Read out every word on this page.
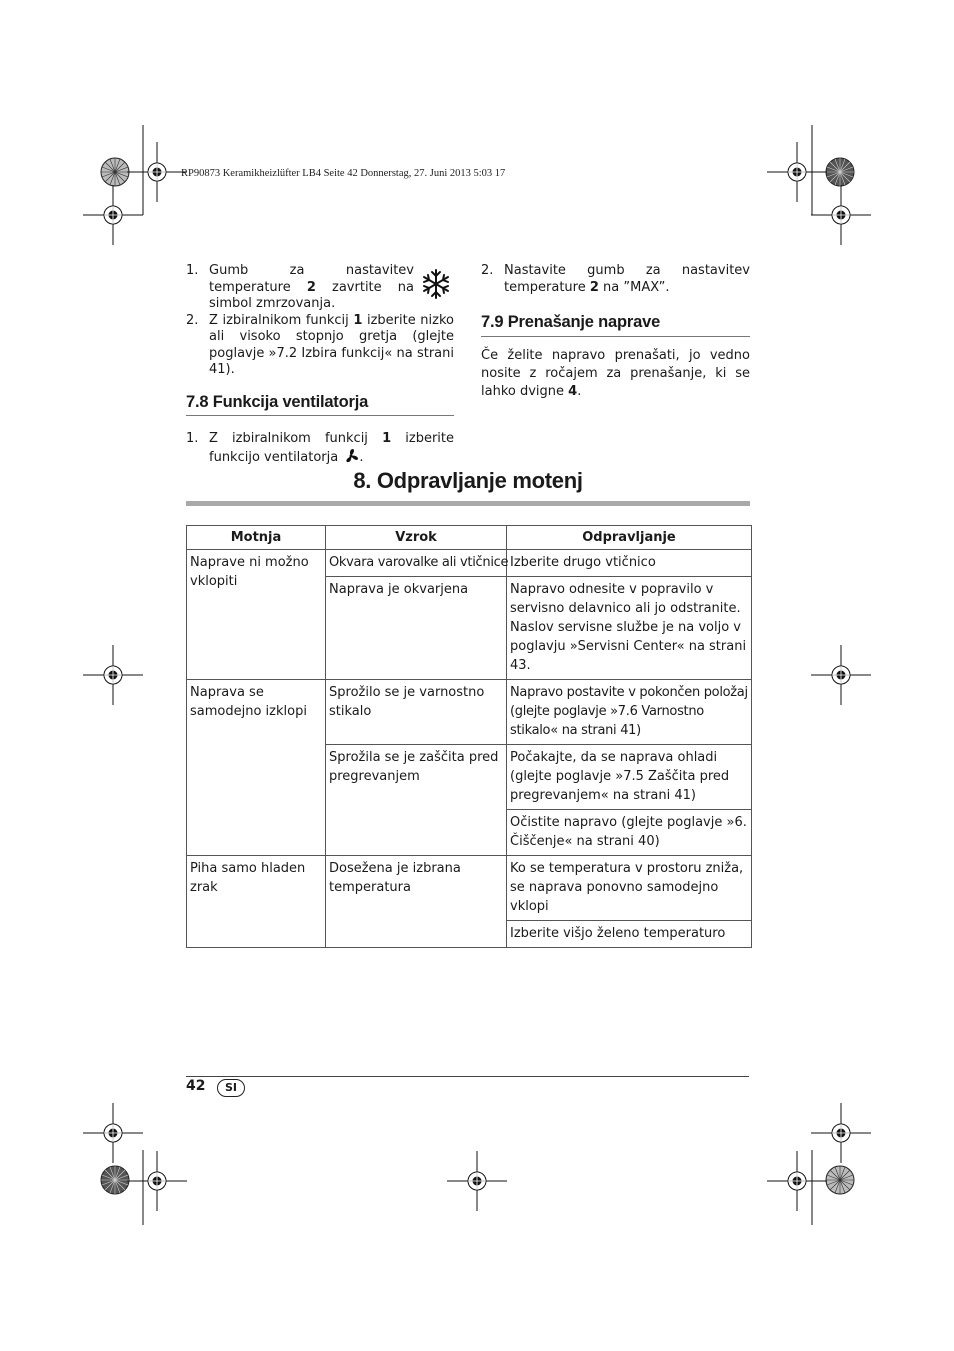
RP90873 Keramikheizlüfter LB4 Seite 42 Donnerstag, 27. Juni 2013 5:03 17
1. Gumb za nastavitev temperature 2 zavrtite na simbol zmrzovanja.
2. Z izbiralnikom funkcij 1 izberite nizko ali visoko stopnjo gretja (glejte poglavje »7.2 Izbira funkcij« na strani 41).
7.8 Funkcija ventilatorja
1. Z izbiralnikom funkcij 1 izberite funkcijo ventilatorja .
2. Nastavite gumb za nastavitev temperature 2 na ”MAX”.
7.9 Prenašanje naprave
Če želite napravo prenašati, jo vedno nosite z ročajem za prenašanje, ki se lahko dvigne 4.
8. Odpravljanje motenj
Motnja	Vzrok	Odpravljanje
Naprave ni možno vklopiti	Okvara varovalke ali vtičnice	Izberite drugo vtičnico
	Naprava je okvarjena	Napravo odnesite v popravilo v servisno delavnico ali jo odstranite. Naslov servisne službe je na voljo v poglavju »Servisni Center« na strani 43.
Naprava se samodejno izklopi	Sprožilo se je varnostno stikalo	Napravo postavite v pokončen položaj (glejte poglavje »7.6 Varnostno stikalo« na strani 41)
	Sprožila se je zaščita pred pregrevanjem	Počakajte, da se naprava ohladi (glejte poglavje »7.5 Zaščita pred pregrevanjem« na strani 41)
		Očistite napravo (glejte poglavje »6. Čiščenje« na strani 40)
Piha samo hladen zrak	Dosežena je izbrana temperatura	Ko se temperatura v prostoru zniža, se naprava ponovno samodejno vklopi
		Izberite višjo želeno temperaturo
42	SI
